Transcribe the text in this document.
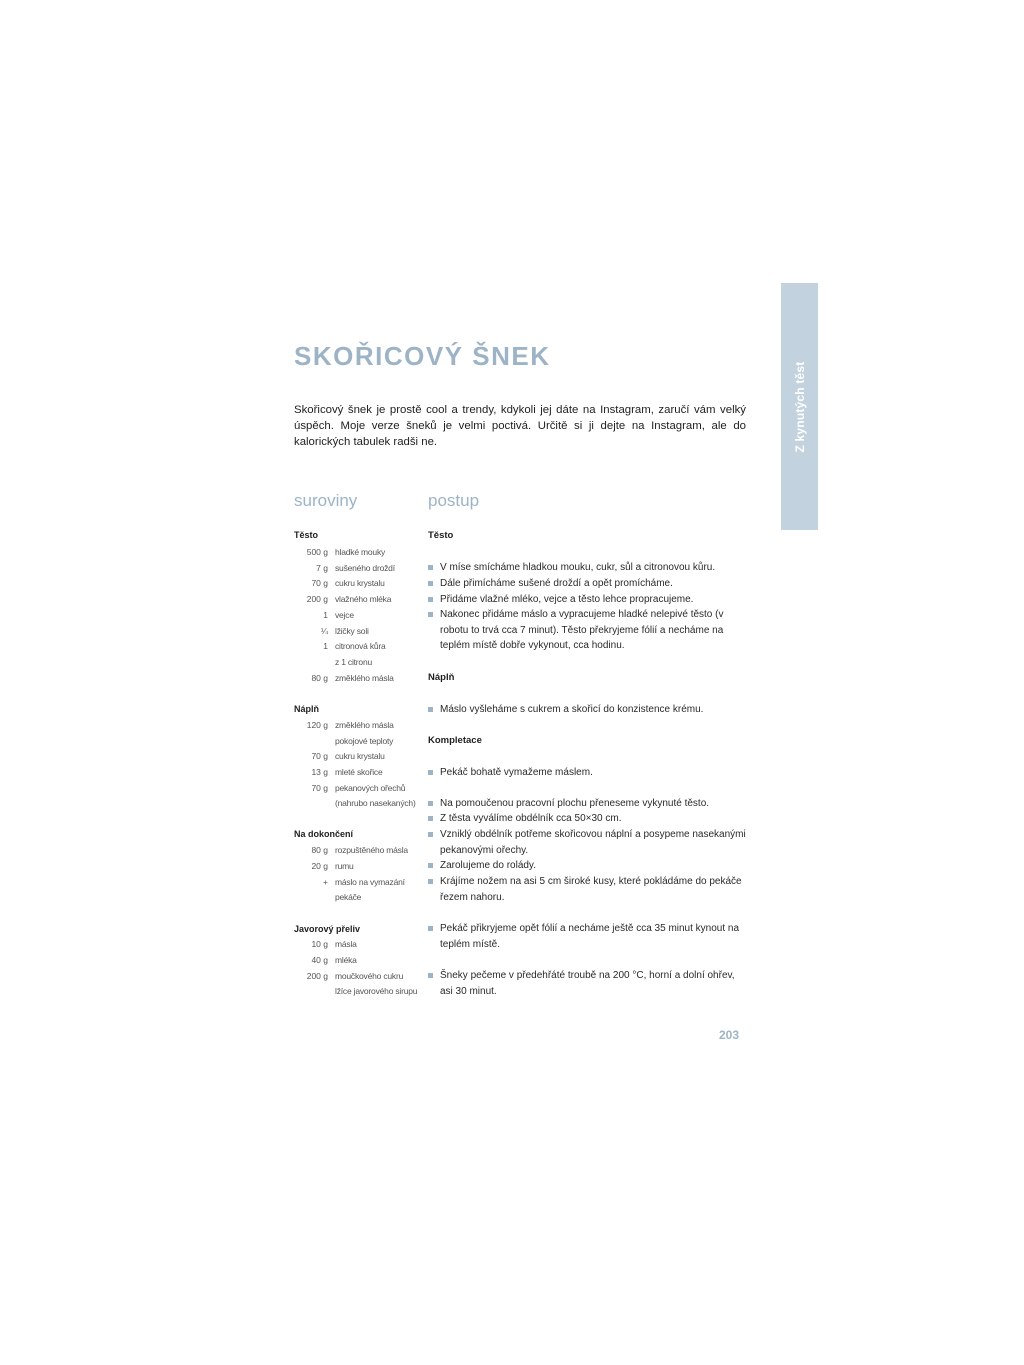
Z kynutých těst
SKOŘICOVÝ ŠNEK
Skořicový šnek je prostě cool a trendy, kdykoli jej dáte na Instagram, zaručí vám velký úspěch. Moje verze šneků je velmi poctivá. Určitě si ji dejte na Instagram, ale do kalorických tabulek radši ne.
suroviny	postup
Těsto
500 g hladké mouky
7 g sušeného droždí
70 g cukru krystalu
200 g vlažného mléka
1 vejce
¼ lžičky soli
1 citronová kůra
z 1 citronu
80 g změklého másla
Náplň
120 g změklého másla
pokojové teploty
70 g cukru krystalu
13 g mleté skořice
70 g pekanových ořechů
(nahrubo nasekaných)
Na dokončení
80 g rozpuštěného másla
20 g rumu
+ máslo na vymazání
pekáče
Javorový přeliv
10 g másla
40 g mléka
200 g moučkového cukru
lžíce javorového sirupu
Těsto
V míse smícháme hladkou mouku, cukr, sůl a citronovou kůru.
Dále přimícháme sušené droždí a opět promícháme.
Přidáme vlažné mléko, vejce a těsto lehce propracujeme.
Nakonec přidáme máslo a vypracujeme hladké nelepivé těsto (v robotu to trvá cca 7 minut). Těsto překryjeme fólií a necháme na teplém místě dobře vykynout, cca hodinu.
Náplň
Máslo vyšleháme s cukrem a skořicí do konzistence krému.
Kompletace
Pekáč bohatě vymažeme máslem.
Na pomoučenou pracovní plochu přeneseme vykynuté těsto.
Z těsta vyválíme obdélník cca 50×30 cm.
Vzniklý obdélník potřeme skořicovou náplní a posypeme nasekanými pekanovými ořechy.
Zarolujeme do rolády.
Krájíme nožem na asi 5 cm široké kusy, které pokládáme do pekáče řezem nahoru.
Pekáč přikryjeme opět fólií a necháme ještě cca 35 minut kynout na teplém místě.
Šneky pečeme v předehřáté troubě na 200 °C, horní a dolní ohřev, asi 30 minut.
203
